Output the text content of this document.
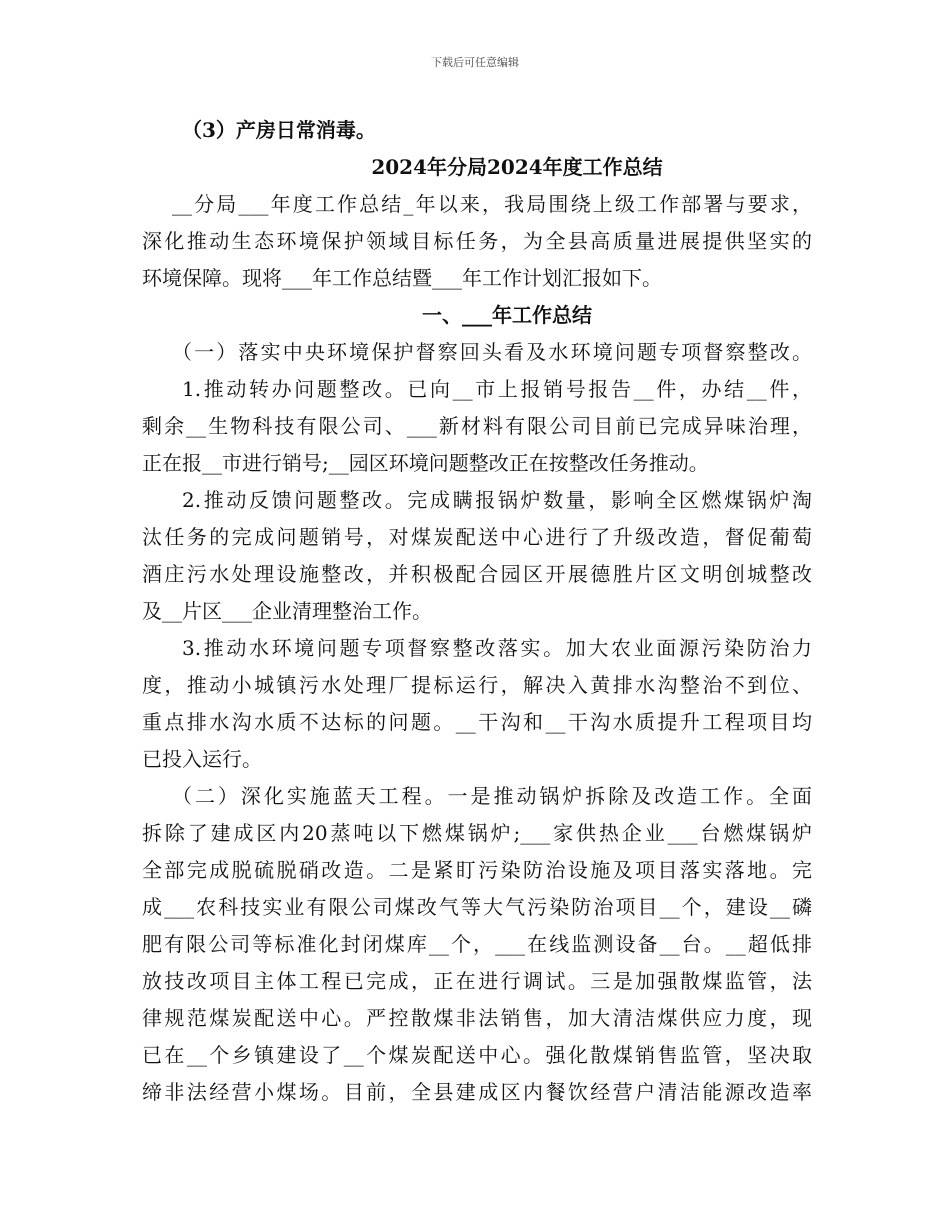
下载后可任意编辑
（3）产房日常消毒。
2024年分局2024年度工作总结
__分局___年度工作总结_年以来，我局围绕上级工作部署与要求，
深化推动生态环境保护领域目标任务，为全县高质量进展提供坚实的
环境保障。现将___年工作总结暨___年工作计划汇报如下。
一、___年工作总结
（一）落实中央环境保护督察回头看及水环境问题专项督察整改。
1.推动转办问题整改。已向__市上报销号报告__件，办结__件，
剩余__生物科技有限公司、___新材料有限公司目前已完成异味治理，
正在报__市进行销号;__园区环境问题整改正在按整改任务推动。
2.推动反馈问题整改。完成瞒报锅炉数量，影响全区燃煤锅炉淘
汰任务的完成问题销号，对煤炭配送中心进行了升级改造，督促葡萄
酒庄污水处理设施整改，并积极配合园区开展德胜片区文明创城整改
及__片区___企业清理整治工作。
3.推动水环境问题专项督察整改落实。加大农业面源污染防治力
度，推动小城镇污水处理厂提标运行，解决入黄排水沟整治不到位、
重点排水沟水质不达标的问题。__干沟和__干沟水质提升工程项目均
已投入运行。
（二）深化实施蓝天工程。一是推动锅炉拆除及改造工作。全面
拆除了建成区内20蒸吨以下燃煤锅炉;___家供热企业___台燃煤锅炉
全部完成脱硫脱硝改造。二是紧盯污染防治设施及项目落实落地。完
成___农科技实业有限公司煤改气等大气污染防治项目__个，建设__磷
肥有限公司等标准化封闭煤库__个，___在线监测设备__台。__超低排
放技改项目主体工程已完成，正在进行调试。三是加强散煤监管，法
律规范煤炭配送中心。严控散煤非法销售，加大清洁煤供应力度，现
已在__个乡镇建设了__个煤炭配送中心。强化散煤销售监管，坚决取
缔非法经营小煤场。目前，全县建成区内餐饮经营户清洁能源改造率
